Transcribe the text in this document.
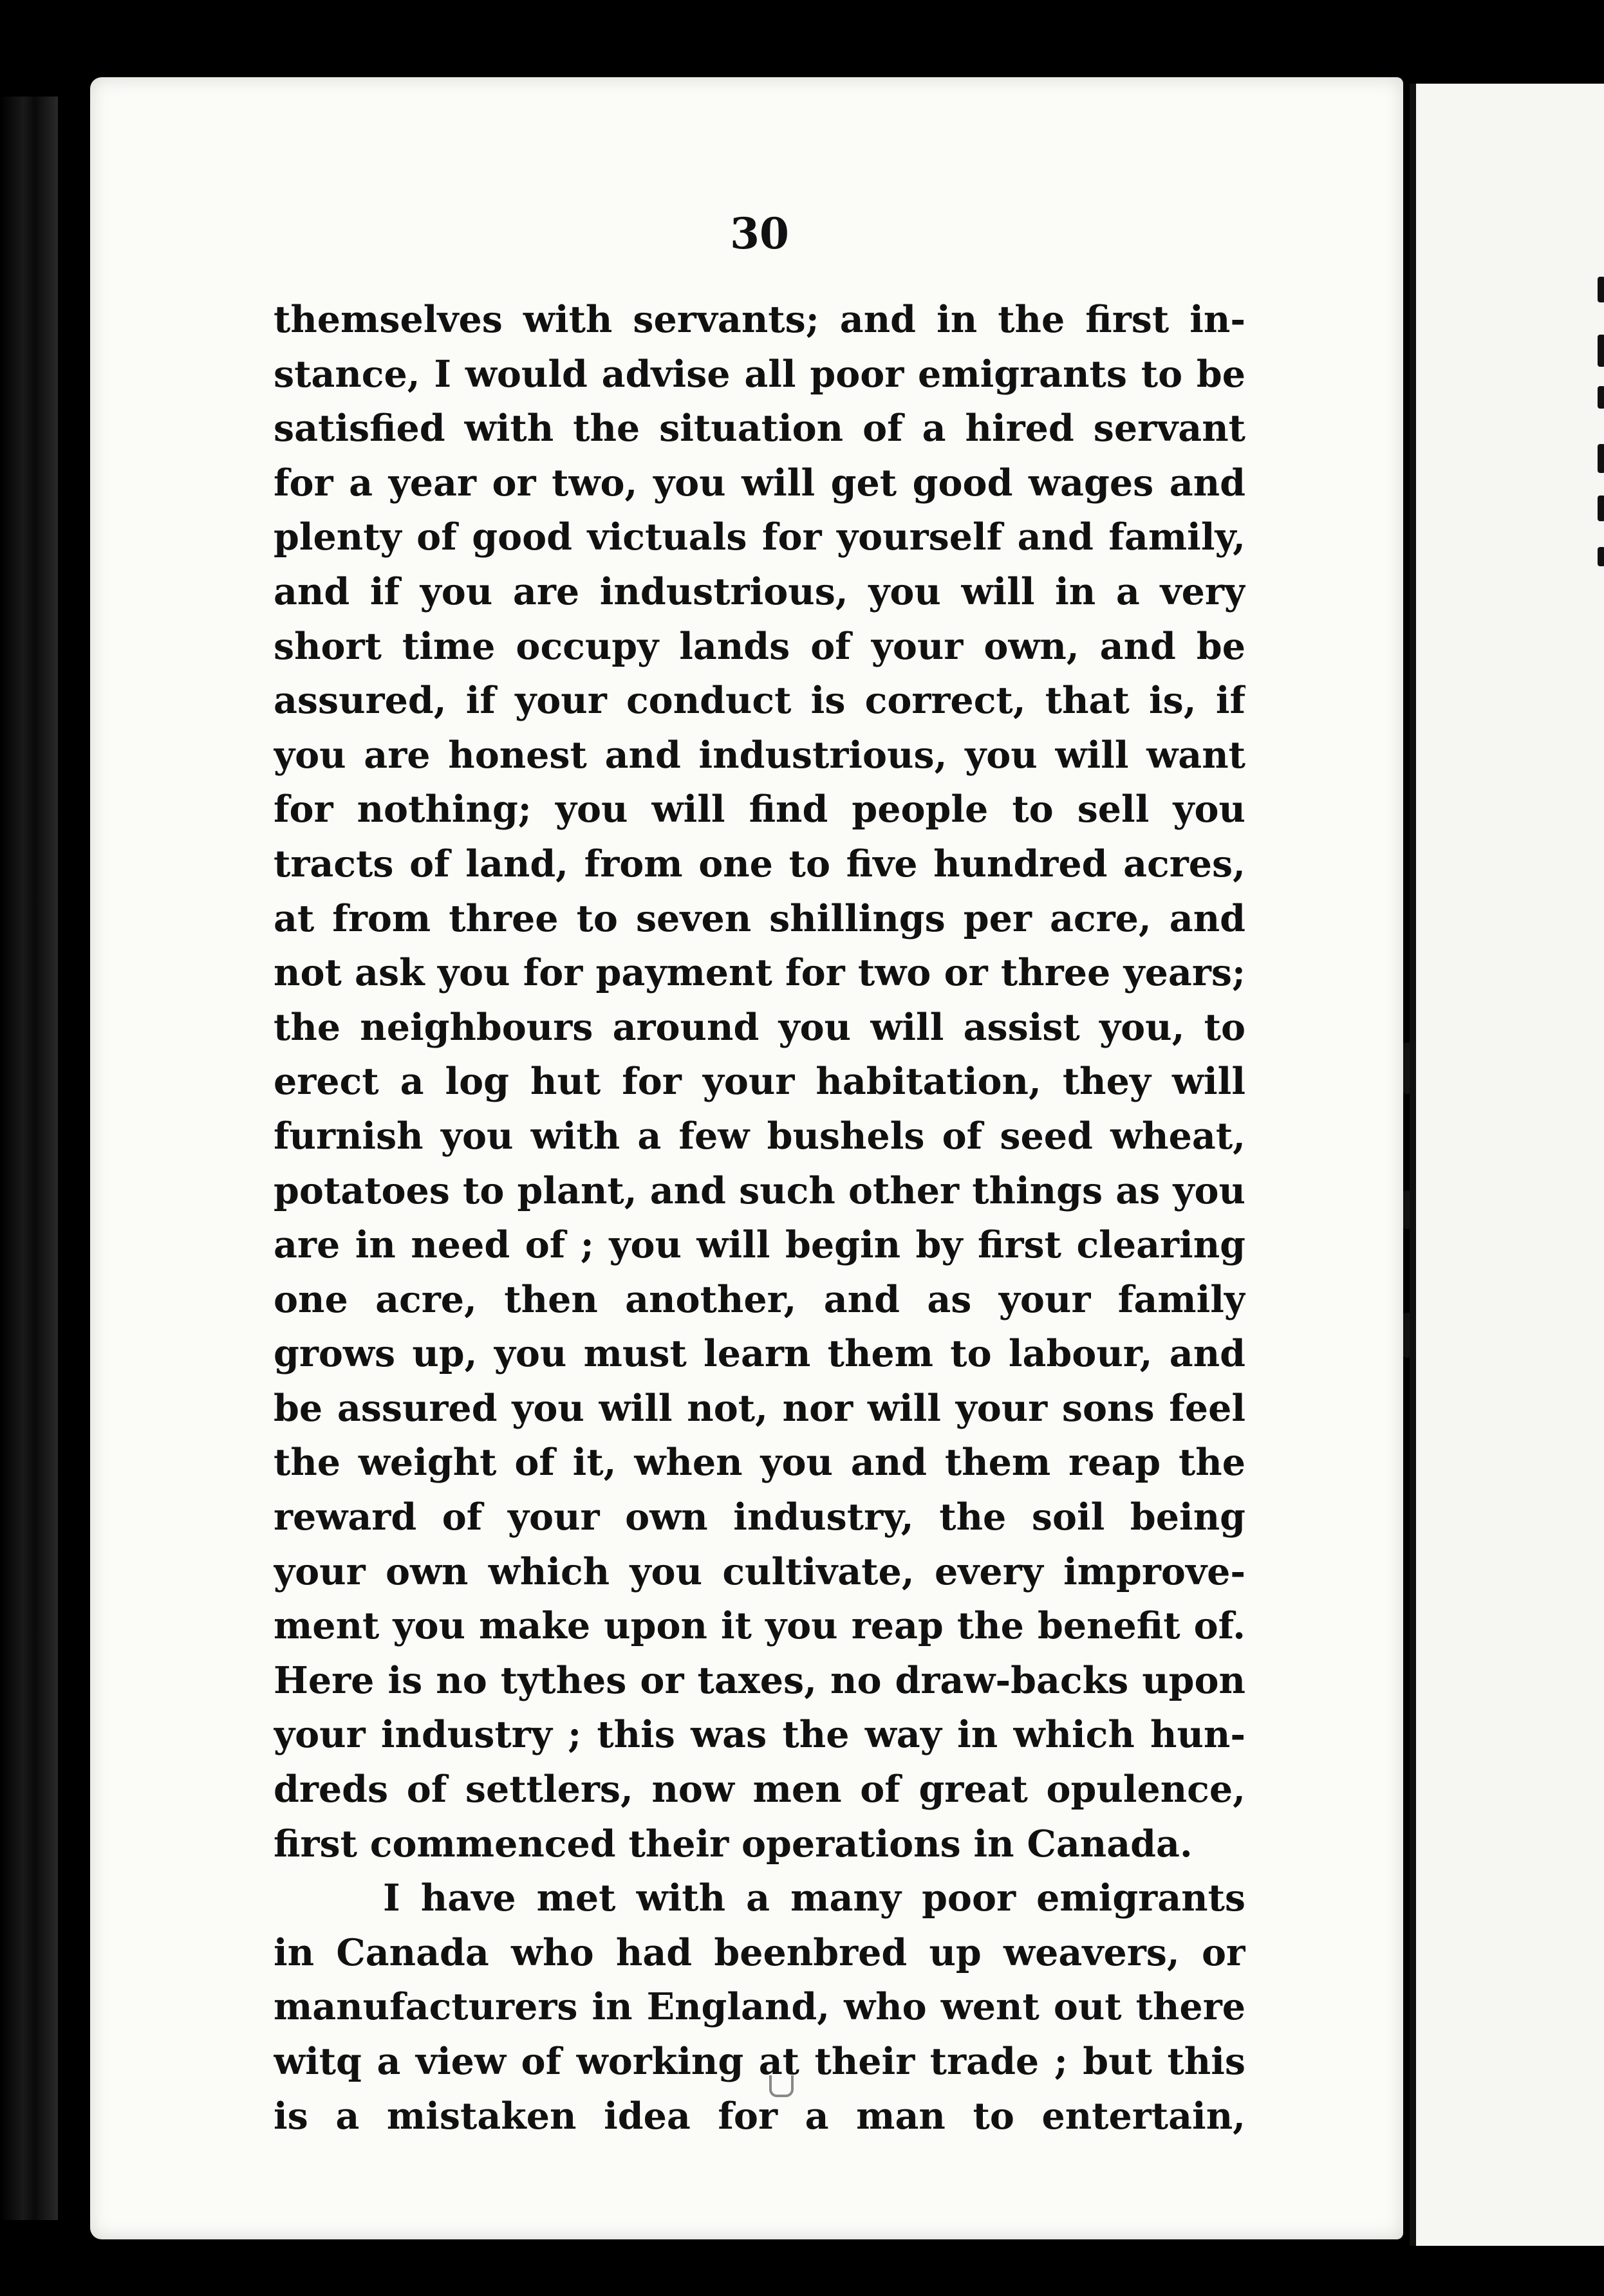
30
themselves with servants; and in the first in-
stance, I would advise all poor emigrants to be
satisfied with the situation of a hired servant
for a year or two, you will get good wages and
plenty of good victuals for yourself and family,
and if you are industrious, you will in a very
short time occupy lands of your own, and be
assured, if your conduct is correct, that is, if
you are honest and industrious, you will want
for nothing; you will find people to sell you
tracts of land, from one to five hundred acres,
at from three to seven shillings per acre, and
not ask you for payment for two or three years;
the neighbours around you will assist you, to
erect a log hut for your habitation, they will
furnish you with a few bushels of seed wheat,
potatoes to plant, and such other things as you
are in need of ; you will begin by first clearing
one acre, then another, and as your family
grows up, you must learn them to labour, and
be assured you will not, nor will your sons feel
the weight of it, when you and them reap the
reward of your own industry, the soil being
your own which you cultivate, every improve-
ment you make upon it you reap the benefit of.
Here is no tythes or taxes, no draw-backs upon
your industry ; this was the way in which hun-
dreds of settlers, now men of great opulence,
first commenced their operations in Canada.
I have met with a many poor emigrants
in Canada who had beenbred up weavers, or
manufacturers in England, who went out there
witq a view of working at their trade ; but this
is a mistaken idea for a man to entertain,
